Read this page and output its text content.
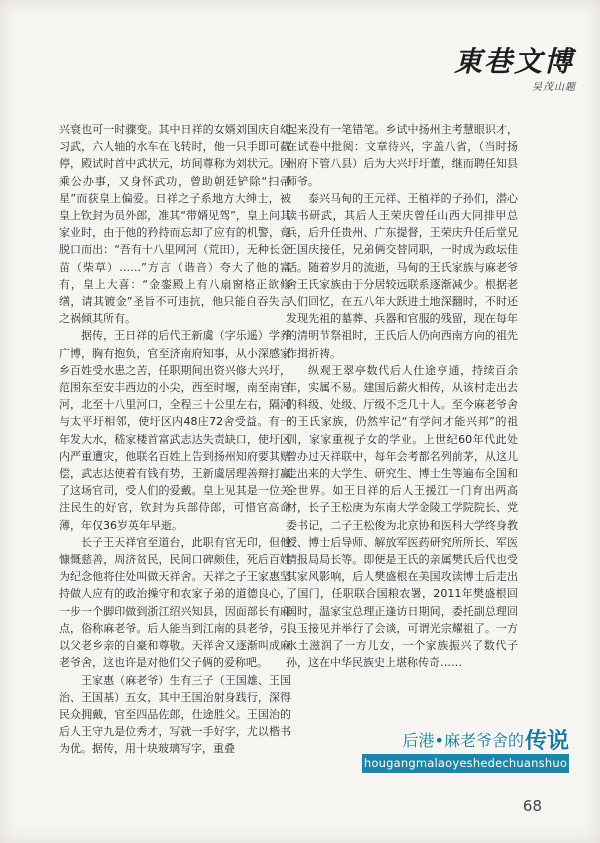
東巷文博
吴茂山题

兴衰也可一时骤变。其中日祥的女婿刘国庆自幼习武，六人轴的水车在飞转时，他一只手即可截停，殿试时首中武状元，坊间尊称为刘状元。因乘公办事，又身怀武功，曾助朝廷铲除“扫帚星”而获皇上偏爱。日祥之子系地方大绅士，被皇上钦封为员外郎，准其“带婿见驾”，皇上问其家业时，由于他的矜持而忘却了应有的机警，竟脱口而出：“吾有十八里网河（荒田），无种长金苗（柴草）……”方言（谐音）夸大了他的富有，皇上大喜：“金銮殿上有八扇窗格正欲修缮，请其镀金”圣旨不可违抗，他只能自吞失言之祸倾其所有。

据传，王日祥的后代王新虞（字乐遥）学养广博，胸有抱负，官至济南府知事，从小深感家乡百姓受水患之苦，任职期间出资兴修大兴圩，范围东至安丰西边的小尖，西至时堰，南至南官河，北至十八里河口，全程三十公里左右，隔河与太平圩相邻，使圩区内48庄72舍受益。有一年发大水，嵇家楼首富武志达失责缺口，使圩区内严重遭灾，他联名百姓上告到扬州知府要其赔偿，武志达使着有钱有势，王新虞居理善辩打赢了这场官司，受人们的爱戴。皇上见其是一位关注民生的好官，钦封为兵部侍郎，可惜官高命薄，年仅36岁英年早逝。

长子王天祥官至道台，此职有官无印，但他慷慨慈善，周济贫民，民间口碑颇佳，死后百姓为纪念他将住处叫做天祥舍。天祥之子王家惠坚持做人应有的政治操守和农家子弟的道德良心，一步一个脚印做到浙江绍兴知县，因面部长有麻点，俗称麻老爷。后人能当到江南的县老爷，引以父老乡亲的自豪和尊敬。天祥舍又逐渐叫成麻老爷舍，这也许是对他们父子俩的爱称吧。

王家惠（麻老爷）生有三子（王国雄、王国治、王国基）五女，其中王国治射身践行，深得民众拥戴，官至四品佐郎，仕途胜父。王国治的后人王守九是位秀才，写就一手好字，尤以楷书为优。据传，用十块玻璃写字，重叠

起来没有一笔错笔。乡试中扬州主考慧眼识才，在试卷中批阅：文章待兴，字盖八省，（当时扬州府下管八县）后为大兴圩圩董，继而聘任知县师爷。

泰兴马甸的王元祥、王植祥的子孙们，潜心读书研武，其后人王荣庆曾任山西大同排甲总兵，后升任贵州、广东提督，王荣庆升任后堂兄王国庆接任，兄弟俩交替同职，一时成为政坛佳话。随着岁月的流逝，马甸的王氏家族与麻老爷舍王氏家族由于分居较远联系逐渐减少。根据老人们回忆，在五八年大跃进土地深翻时，不时还发现先祖的墓葬、兵器和官服的残留，现在每年的清明节祭祖时，王氏后人仍向西南方向的祖先作揖祈祷。

纵观王翠亭数代后人仕途亨通，持续百余年，实属不易。建国后薪火相传，从该村走出去的科级、处级、厅级不乏几十人。至今麻老爷舍的王氏家族，仍然牢记“有学问才能兴邦”的祖训，家家重视子女的学业。上世纪60年代此处曾办过天祥联中，每年会考都名列前茅，从这儿走出来的大学生、研究生、博士生等遍布全国和全世界。如王日祥的后人王援江一门育出两高材，长子王松庚为东南大学金陵工学院院长、党委书记，二子王松俊为北京协和医科大学终身教授、博士后导师、解放军医药研究所所长、军医情报局局长等。即便是王氏的亲属樊氏后代也受其家风影响，后人樊盛根在美国攻读博士后走出了国门，任职联合国粮农署，2011年樊盛根回国时，温家宝总理正逢访日期间，委托副总理回良玉接见并举行了会谈，可谓光宗耀祖了。一方水土滋润了一方儿女，一个家族振兴了数代子孙，这在中华民族史上堪称传奇……

后港•麻老爷舍的 传说
hougangmalaoyeshedechuanshuo
68
